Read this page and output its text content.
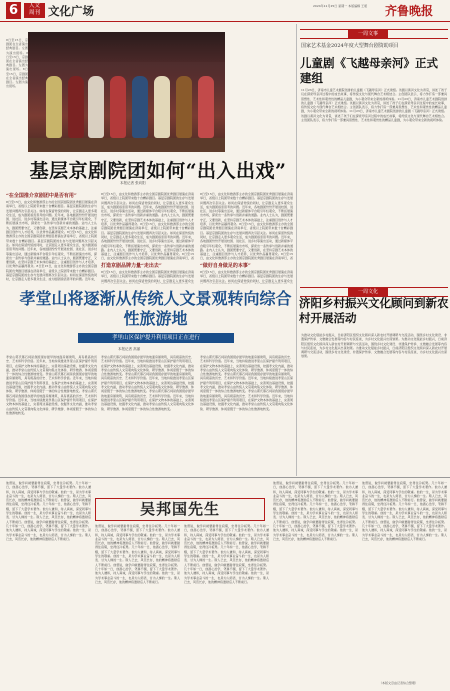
6	人文
周刊 文化广场	2024年11月25日 星期一 本版编辑 王昭	齐鲁晚报
8日至15日，京剧团在全省演出经典剧目。左图为演出现场。8日至15日，京剧团在全省演出经典剧目。左图为演出现场。8日至15日，京剧团在全省演出经典剧目。左图为演出现场。
基层京剧院团如何“出入出戏”
本报记者 张向阳
“在全国推介京剧团中是否有用”
打造京剧品牌力量“走出去”	“做好自身做足的本事”
8日至15日，由文化和旅游部主办的全国京剧院团优秀剧目展演在济南举行，省级以上院团带来数十台精彩剧目。基层京剧院团的生存与发展问题再次引起关注。如何在保留传统的同时，让京剧走入更多观众生活，成为剧团亟需思考的问题。近年来，各地剧团纷纷开展进校园、进社区、进乡村等演出活动，通过新媒体平台吸引年轻观众，不断拓展演出市场，探索出一条传承与创新并重的道路。业内人士认为，剧团既要守正，又要创新，在坚持京剧艺术本体的基础上，注重剧目创作与人才培养，以优秀作品赢得观众。8日至15日，由文化和旅游部主办的全国京剧院团优秀剧目展演在济南举行，省级以上院团带来数十台精彩剧目。基层京剧院团的生存与发展问题再次引起关注。如何在保留传统的同时，让京剧走入更多观众生活，成为剧团亟需思考的问题。近年来，各地剧团纷纷开展进校园、进社区、进乡村等演出活动，通过新媒体平台吸引年轻观众，不断拓展演出市场，探索出一条传承与创新并重的道路。业内人士认为，剧团既要守正，又要创新，在坚持京剧艺术本体的基础上，注重剧目创作与人才培养，以优秀作品赢得观众。8日至15日，由文化和旅游部主办的全国京剧院团优秀剧目展演在济南举行，省级以上院团带来数十台精彩剧目。基层京剧院团的生存与发展问题再次引起关注。如何在保留传统的同时，让京剧走入更多观众生活，成为剧团亟需思考的问题。近年来，
8日至15日，由文化和旅游部主办的全国京剧院团优秀剧目展演在济南举行，省级以上院团带来数十台精彩剧目。基层京剧院团的生存与发展问题再次引起关注。如何在保留传统的同时，让京剧走入更多观众生活，成为剧团亟需思考的问题。近年来，各地剧团纷纷开展进校园、进社区、进乡村等演出活动，通过新媒体平台吸引年轻观众，不断拓展演出市场，探索出一条传承与创新并重的道路。业内人士认为，剧团既要守正，又要创新，在坚持京剧艺术本体的基础上，注重剧目创作与人才培养，以优秀作品赢得观众。8日至15日，由文化和旅游部主办的全国京剧院团优秀剧目展演在济南举行，省级以上院团带来数十台精彩剧目。基层京剧院团的生存与发展问题再次引起关注。如何在保留传统的同时，让京剧走入更多观众生活，成为剧团亟需思考的问题。近年来，各地剧团纷纷开展进校园、进社区、进乡村等演出活动，通过新媒体平台吸引年轻观众，不断拓展演出市场，探索出一条传承与创新并重的道路。业内人士认为，剧团既要守正，又要创新，在坚持京剧艺术本体的基础上，注重剧目创作与人才培养，以优秀作品赢得观众。8日至15日，由文化和旅游部主办的全国京剧院团优秀剧目展演在济南举行，省
8日至15日，由文化和旅游部主办的全国京剧院团优秀剧目展演在济南举行，省级以上院团带来数十台精彩剧目。基层京剧院团的生存与发展问题再次引起关注。如何在保留传统的同时，让京剧走入更多观众生活，成为剧团亟需思考的问题。近年来，各地剧团纷纷开展进校园、进社区、进乡村等演出活动，通过新媒体平台吸引年轻观众，不断拓展演出市场，探索出一条传承与创新并重的道路。业内人士认为，剧团既要守正，又要创新，在坚持京剧艺术本体的基础上，注重剧目创作与人才培养，以优秀作品赢得观众。8日至15日，由文化和旅游部主办的全国京剧院团优秀剧目展演在济南举行，省级以上院团带来数十台精彩剧目。基层京剧院团的生存与发展问题再次引起关注。如何在保留传统的同时，让京剧走入更多观众生活，成为剧团亟需思考的问题。近年来，各地剧团纷纷开展进校园、进社区、进乡村等演出活动，通过新媒体平台吸引年轻观众，不断拓展演出市场，探索出一条传承与创新并重的道路。业内人士认为，剧团既要守正，又要创新，在坚持京剧艺术本体的基础上，注重剧目创作与人才培养，以优秀作品赢得观众。8日至15日，由文化和旅游部主办的全国京剧院团优秀剧目展演在济南举行，省
8日至15日，由文化和旅游部主办的全国京剧院团优秀剧目展演在济南举行，省级以上院团带来数十台精彩剧目。基层京剧院团的生存与发展问题再次引起关注。如何在保留传统的同时，让京剧走入更多观众生
8日至15日，由文化和旅游部主办的全国京剧院团优秀剧目展演在济南举行，省级以上院团带来数十台精彩剧目。基层京剧院团的生存与发展问题再次引起关注。如何在保留传统的同时，让京剧走入更多观众生
一周文事
国家艺术基金2024年度大型舞台剧资助项目
儿童剧《飞越母亲河》正式建组
11月23日，济南市儿童艺术剧院创排的儿童剧《飞越母亲河》正式建组。该剧以黄河文化为背景，讲述了孩子们在探索母亲河过程中的成长故事，将传统文化与现代舞台艺术相结合。主创团队表示，将力争打造一部兼具思想性、艺术性和观赏性的精品儿童剧，为小观众带来全新的视听体验。11月23日，济南市儿童艺术剧院创排的儿童剧《飞越母亲河》正式建组。该剧以黄河文化为背景，讲述了孩子们在探索母亲河过程中的成长故事，将传统文化与现代舞台艺术相结合。主创团队表示，将力争打造一部兼具思想性、艺术性和观赏性的精品儿童剧，为小观众带来全新的视听体验。11月23日，济南市儿童艺术剧院创排的儿童剧《飞越母亲河》正式建组。该剧以黄河文化为背景，讲述了孩子们在探索母亲河过程中的成长故事，将传统文化与现代舞台艺术相结合。主创团队表示，将力争打造一部兼具思想性、艺术性和观赏性的精品儿童剧，为小观众带来全新的视听体验。
一周文化
济阳乡村振兴文化顾问到新农村开展活动
为推动文化赋能乡村振兴，日前济阳区组织文化顾问深入新农村开展调研与交流活动，围绕乡村文化建设、非遗保护传承、文旅融合发展等内容与村民座谈，为乡村文化振兴出谋划策。为推动文化赋能乡村振兴，日前济阳区组织文化顾问深入新农村开展调研与交流活动，围绕乡村文化建设、非遗保护传承、文旅融合发展等内容与村民座谈，为乡村文化振兴出谋划策。为推动文化赋能乡村振兴，日前济阳区组织文化顾问深入新农村开展调研与交流活动，围绕乡村文化建设、非遗保护传承、文旅融合发展等内容与村民座谈，为乡村文化振兴出谋划策。
孝堂山将逐渐从传统人文景观转向综合性旅游地
孝里山区保护提升利用项目正在进行
本报记者 高丽
孝堂山郭氏墓石祠是我国现存最早的地面房屋建筑，具有极高的历史、艺术和科学价值。近年来，当地持续推进孝里山区保护提升利用项目，在保护文物本体的基础上，完善周边基础设施，挖掘孝文化内涵，推动孝堂山由传统人文景观向集文化体验、研学旅游、休闲度假于一体的综合性旅游地转变。孝堂山郭氏墓石祠是我国现存最早的地面房屋建筑，具有极高的历史、艺术和科学价值。近年来，当地持续推进孝里山区保护提升利用项目，在保护文物本体的基础上，完善周边基础设施，挖掘孝文化内涵，推动孝堂山由传统人文景观向集文化体验、研学旅游、休闲度假于一体的综合性旅游地转变。孝堂山郭氏墓石祠是我国现存最早的地面房屋建筑，具有极高的历史、艺术和科学价值。近年来，当地持续推进孝里山区保护提升利用项目，在保护文物本体的基础上，完善周边基础设施，挖掘孝文化内涵，推动孝堂山由传统人文景观向集文化体验、研学旅游、休闲度假于一体的综合性旅游地转变。
孝堂山郭氏墓石祠是我国现存最早的地面房屋建筑，具有极高的历史、艺术和科学价值。近年来，当地持续推进孝里山区保护提升利用项目，在保护文物本体的基础上，完善周边基础设施，挖掘孝文化内涵，推动孝堂山由传统人文景观向集文化体验、研学旅游、休闲度假于一体的综合性旅游地转变。孝堂山郭氏墓石祠是我国现存最早的地面房屋建筑，具有极高的历史、艺术和科学价值。近年来，当地持续推进孝里山区保护提升利用项目，在保护文物本体的基础上，完善周边基础设施，挖掘孝文化内涵，推动孝堂山由传统人文景观向集文化体验、研学旅游、休闲度假于一体的综合性旅游地转变。孝堂山郭氏墓石祠是我国现存最早的地面房屋建筑，具有极高的历史、艺术和科学价值。近年来，当地持续推进孝里山区保护提升利用项目，在保护文物本体的基础上，完善周边基础设施，挖掘孝文化内涵，推动孝堂山由传统人文景观向集文化体验、研学旅游、休闲度假于一体的综合性旅游地转变。
孝堂山郭氏墓石祠是我国现存最早的地面房屋建筑，具有极高的历史、艺术和科学价值。近年来，当地持续推进孝里山区保护提升利用项目，在保护文物本体的基础上，完善周边基础设施，挖掘孝文化内涵，推动孝堂山由传统人文景观向集文化体验、研学旅游、休闲度假于一体的综合性旅游地转变。孝堂山郭氏墓石祠是我国现存最早的地面房屋建筑，具有极高的历史、艺术和科学价值。近年来，当地持续推进孝里山区保护提升利用项目，在保护文物本体的基础上，完善周边基础设施，挖掘孝文化内涵，推动孝堂山由传统人文景观向集文化体验、研学旅游、休闲度假于一体的综合性旅游地转变。孝堂山郭氏墓石祠是我国现存最早的地面房屋建筑，具有极高的历史、艺术和科学价值。近年来，当地持续推进孝里山区保护提升利用项目，在保护文物本体的基础上，完善周边基础设施，挖掘孝文化内涵，推动孝堂山由传统人文景观向集文化体验、研学旅游、休闲度假于一体的综合性旅游地转变。
吴邦国先生
他曾说，做学问就要耐得住寂寞，坐得住冷板凳。几十年如一日，他潜心治学，笔耕不辍，留下了大量学术著作。他为人谦和，待人真诚，深受同事与学生的敬重。他的一生，是为学术事业奋斗的一生，也是为人师表、甘为人梯的一生。斯人已去，风范长存，他的精神将激励后人不断前行。他曾说，做学问就要耐得住寂寞，坐得住冷板凳。几十年如一日，他潜心治学，笔耕不辍，留下了大量学术著作。他为人谦和，待人真诚，深受同事与学生的敬重。他的一生，是为学术事业奋斗的一生，也是为人师表、甘为人梯的一生。斯人已去，风范长存，他的精神将激励后人不断前行。他曾说，做学问就要耐得住寂寞，坐得住冷板凳。几十年如一日，他潜心治学，笔耕不辍，留下了大量学术著作。他为人谦和，待人真诚，深受同事与学生的敬重。他的一生，是为学术事业奋斗的一生，也是为人师表、甘为人梯的一生。斯人已去，风范长存，他的精神将激励后人不断前行。
他曾说，做学问就要耐得住寂寞，坐得住冷板凳。几十年如一日，他潜心治学，笔耕不辍，留下了大量学术著作。他为人谦和，待人真诚，深受同事与学生的敬重。他的一生，是为学术事业奋斗的一生，也是为人师表、甘为人梯的一生。斯人已去，风范长存，他的精神将激励后人不断前行。他曾说，做学问就要耐得住寂寞，坐得住冷板凳。几十年如一日，他潜心治学，笔耕不辍，留下了大量学术著作。他为人谦和，待人真诚，深受同事与学生的敬重。他的一生，是为学术事业奋斗的一生，也是为人师表、甘为人梯的一生。斯人已去，风范长存，他的精神将激励后人不断前行。他曾说，做学问就要耐得住寂寞，坐得住冷板凳。几十年如一日，他潜心治学，笔耕不辍，留下了大量学术著作。他为人谦和，待人真诚，深受同事与学生的敬重。他的一生，是为学术事业奋斗的一生，也是为人师表、甘为人梯的一生。斯人已去，风范长存，他的精神将激励后人不断前行。
他曾说，做学问就要耐得住寂寞，坐得住冷板凳。几十年如一日，他潜心治学，笔耕不辍，留下了大量学术著作。他为人谦和，待人真诚，深受同事与学生的敬重。他的一生，是为学术事业奋斗的一生，也是为人师表、甘为人梯的一生。斯人已去，风范长存，他的精神将激励后人不断前行。他曾说，做学问就要耐得住寂寞，坐得住冷板凳。几十年如一日，他潜心治学，笔耕不辍，留下了大量学术著作。他为人谦和，待人真诚，深受同事与学生的敬重。他的一生，是为学术事业奋斗的一生，也是为人师表、甘为人梯的一生。斯人已去，风范长存，他的精神将激励后人不断前行。他曾说，做学问就要耐得住寂寞，坐得住冷板凳。几十年如一日，他潜心治学，笔耕不辍，留下了大量学术著作。他为人谦和，待人真诚，深受同事与学生的敬重。他的一生，是为学术事业奋斗的一生，也是为人师表、甘为人梯的一生。斯人已去，风范长存，他的精神将激励后人不断前行。
他曾说，做学问就要耐得住寂寞，坐得住冷板凳。几十年如一日，他潜心治学，笔耕不辍，留下了大量学术著作。他为人谦和，待人真诚，深受同事与学生的敬重。他的一生，是为学术事业奋斗的一生，也是为人师表、甘为人梯的一生。斯人已去，风范长存，他的精神将激励后人不断前行。他曾说，做学问就要耐得住寂寞，坐得住冷板凳。几十年如一日，他潜心治学，笔耕不辍，留下了大量学术著作。他为人谦和，待人真诚，深受同事与学生的敬重。他的一生，是为学术事业奋斗的一生，也是为人师表、甘为人梯的一生。斯人已去，风范长存，他的精神将激励后人不断前行。他曾说，做学问就要耐得住寂寞，坐得住冷板凳。几十年如一日，他潜心治学，笔耕不辍，留下了大量学术著作。他为人谦和，待人真诚，深受同事与学生的敬重。他的一生，是为学术事业奋斗的一生，也是为人师表、甘为人梯的一生。斯人已去，风范长存，他的精神将激励后人不断前行。
他曾说，做学问就要耐得住寂寞，坐得住冷板凳。几十年如一日，他潜心治学，笔耕不辍，留下了大量学术著作。他为人谦和，待人真诚，深受同事与学生的敬重。他的一生，是为学术事业奋斗的一生，也是为人师表、甘为人梯的一生。斯人已去，风范长存，他的精神将激励后人不断前行。他曾说，做学问就要耐得住寂寞，坐得住冷板凳。几十年如一日，他潜心治学，笔耕不辍，留下了大量学术著作。他为人谦和，待人真诚，深受同事与学生的敬重。他的一生，是为学术事业奋斗的一生，也是为人师表、甘为人梯的一生。斯人已去，风范长存，他的精神将激励后人不断前行。他曾说，做学问就要耐得住寂寞，坐得住冷板凳。几十年如一日，他潜心治学，笔耕不辍，留下了大量学术著作。他为人谦和，待人真诚，深受同事与学生的敬重。他的一生，是为学术事业奋斗的一生，也是为人师表、甘为人梯的一生。斯人已去，风范长存，他的精神将激励后人不断前行。
（本版文章由记者综合整理）
